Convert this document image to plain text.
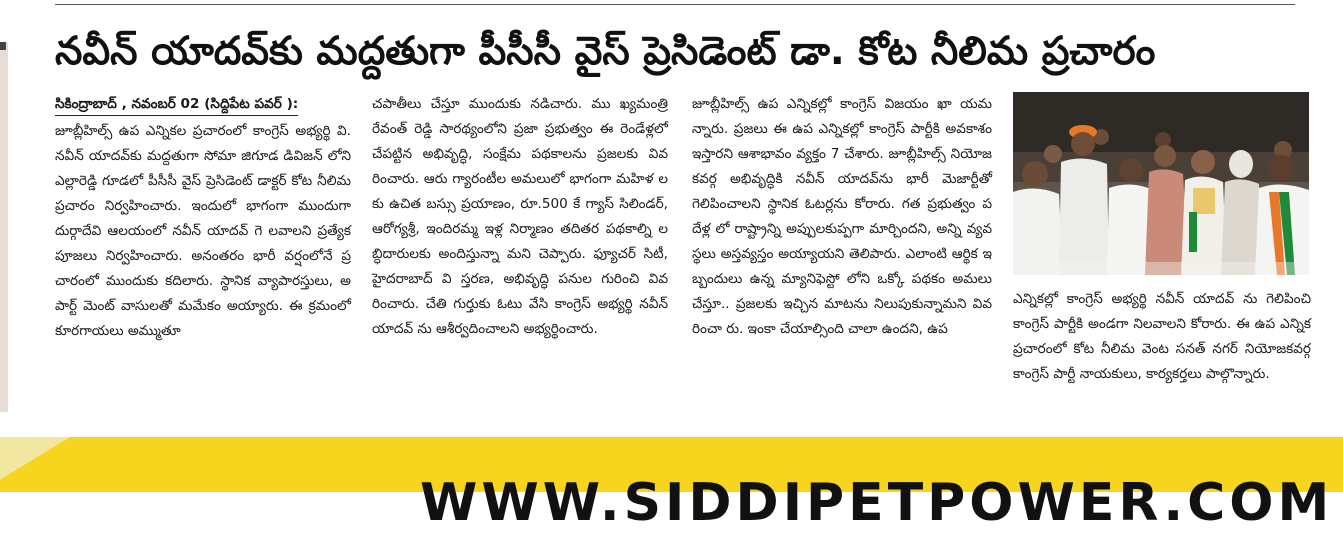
నవీన్ యాదవ్‌కు మద్దతుగా పీసీసీ వైస్ ప్రెసిడెంట్ డా. కోట నీలిమ ప్రచారం
సికింద్రాబాద్ , నవంబర్ 02 (సిద్దిపేట పవర్ ):
జూబ్లీహిల్స్ ఉప ఎన్నికల ప్రచారంలో కాంగ్రెస్ అభ్యర్థి వి. నవీన్ యాదవ్‌కు మద్దతుగా సోమా జిగూడ డివిజన్ లోని ఎల్లారెడ్డి గూడలో పీసీసీ వైస్ ప్రెసిడెంట్ డాక్టర్ కోట నీలిమ ప్రచారం నిర్వహించారు. ఇందులో భాగంగా ముందుగా దుర్గాదేవి ఆలయంలో నవీన్ యాదవ్ గె లవాలని ప్రత్యేక పూజలు నిర్వహించారు. అనంతరం భారీ వర్షంలోనే ప్రచారంలో ముందుకు కదిలారు. స్థానిక వ్యాపారస్తులు, అపార్ట్ మెంట్ వాసులతో మమేకం అయ్యారు. ఈ క్రమంలో కూరగాయలు అమ్ముతూ
చపాతీలు చేస్తూ ముందుకు నడిచారు. ము ఖ్యమంత్రి రేవంత్ రెడ్డి సారథ్యంలోని ప్రజా ప్రభుత్వం ఈ రెండేళ్లలో చేపట్టిన అభివృద్ధి, సంక్షేమ పథకాలను ప్రజలకు వివరించారు. ఆరు గ్యారంటీల అమలులో భాగంగా మహిళ లకు ఉచిత బస్సు ప్రయాణం, రూ.500 కే గ్యాస్ సిలిండర్, ఆరోగ్యశ్రీ, ఇందిరమ్మ ఇళ్ల నిర్మాణం తదితర పథకాల్ని లబ్ధిదారులకు అందిస్తున్నా మని చెప్పారు. ఫ్యూచర్ సిటీ, హైదరాబాద్ వి స్తరణ, అభివృద్ధి పనుల గురించి వివరించారు. చేతి గుర్తుకు ఓటు వేసి కాంగ్రెస్ అభ్యర్థి నవీన్ యాదవ్ ను ఆశీర్వదించాలని అభ్యర్థించారు.
జూబ్లీహిల్స్ ఉప ఎన్నికల్లో కాంగ్రెస్ విజయం ఖా యమన్నారు. ప్రజలు ఈ ఉప ఎన్నికల్లో కాంగ్రెస్ పార్టీకి అవకాశం ఇస్తారని ఆశాభావం వ్యక్తం 7 చేశారు. జూబ్లీహిల్స్ నియోజకవర్గ అభివృద్ధికి నవీన్ యాదవ్‌ను భారీ మెజార్టీతో గెలిపించాలని స్థానిక ఓటర్లను కోరారు. గత ప్రభుత్వం పదేళ్ల లో రాష్ట్రాన్ని అప్పులకుప్పగా మార్చిందని, అన్ని వ్యవస్థలు అస్తవ్యస్తం అయ్యాయని తెలిపారు. ఎలాంటి ఆర్థిక ఇబ్బందులు ఉన్న మ్యానిఫెస్టో లోని ఒక్కో పథకం అమలు చేస్తూ.. ప్రజలకు ఇచ్చిన మాటను నిలుపుకున్నామని వివరించా రు. ఇంకా చేయాల్సింది చాలా ఉందని, ఉప
ఎన్నికల్లో కాంగ్రెస్ అభ్యర్థి నవీన్ యాదవ్ ను గెలిపించి కాంగ్రెస్ పార్టీకి అండగా నిలవాలని కోరారు. ఈ ఉప ఎన్నిక ప్రచారంలో కోట నీలిమ వెంట సనత్ నగర్ నియోజకవర్గ కాంగ్రెస్ పార్టీ నాయకులు, కార్యకర్తలు పాల్గొన్నారు.
WWW.SIDDIPETPOWER.COM
